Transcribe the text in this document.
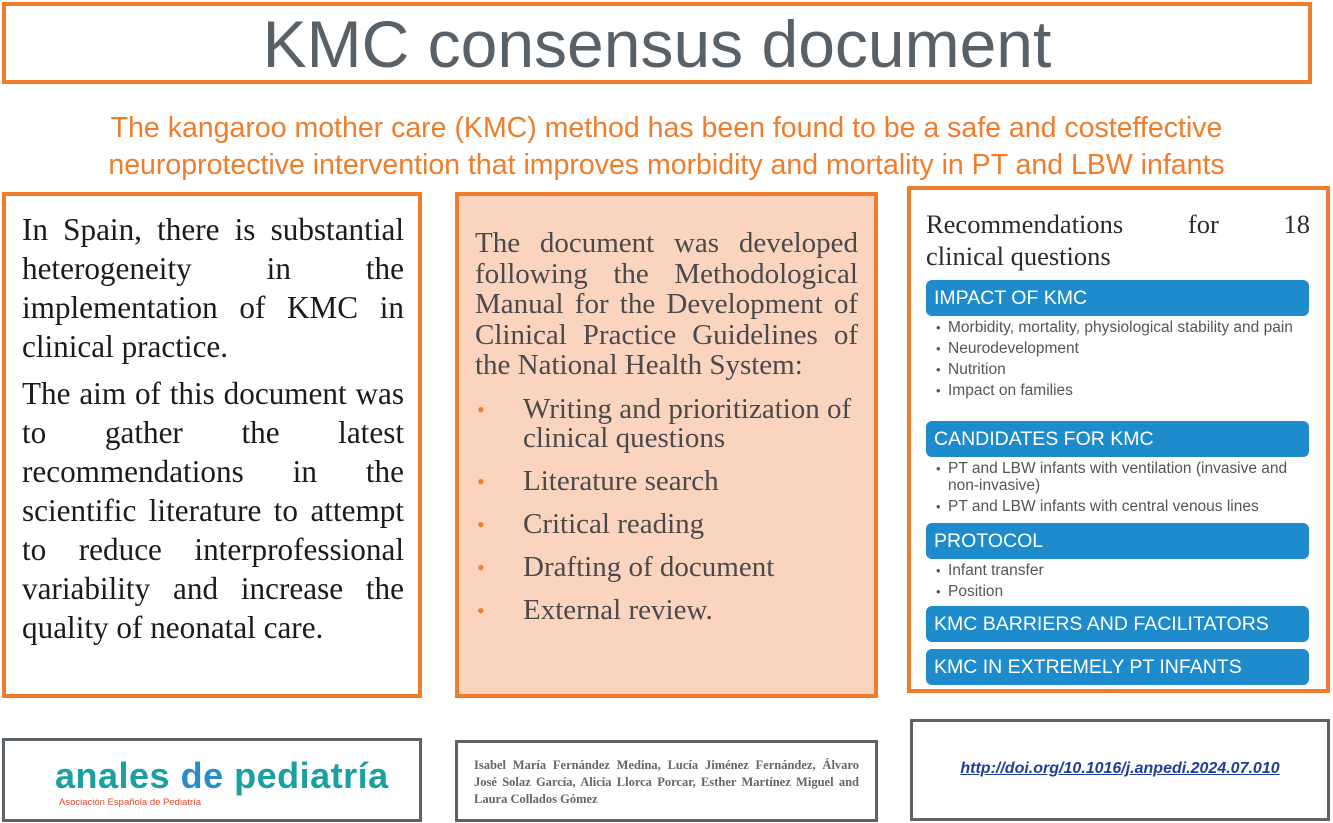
KMC consensus document
The kangaroo mother care (KMC) method has been found to be a safe and costeffective
neuroprotective intervention that improves morbidity and mortality in PT and LBW infants

In Spain, there is substantial heterogeneity in the implementation of KMC in clinical practice.

The aim of this document was to gather the latest recommendations in the scientific literature to attempt to reduce interprofessional variability and increase the quality of neonatal care.

The document was developed following the Methodological Manual for the Development of Clinical Practice Guidelines of the National Health System:

• Writing and prioritization of clinical questions
• Literature search
• Critical reading
• Drafting of document
• External review.
Recommendations for 18
clinical questions
IMPACT OF KMC
• Morbidity, mortality, physiological stability and pain
• Neurodevelopment
• Nutrition
• Impact on families
CANDIDATES FOR KMC
• PT and LBW infants with ventilation (invasive and non-invasive)
• PT and LBW infants with central venous lines
PROTOCOL
• Infant transfer
• Position
KMC BARRIERS AND FACILITATORS
KMC IN EXTREMELY PT INFANTS
anales de pediatría
Asociación Española de Pediatría

Isabel María Fernández Medina, Lucía Jiménez Fernández, Álvaro José Solaz García, Alicia Llorca Porcar, Esther Martínez Miguel and Laura Collados Gómez

http://doi.org/10.1016/j.anpedi.2024.07.010
